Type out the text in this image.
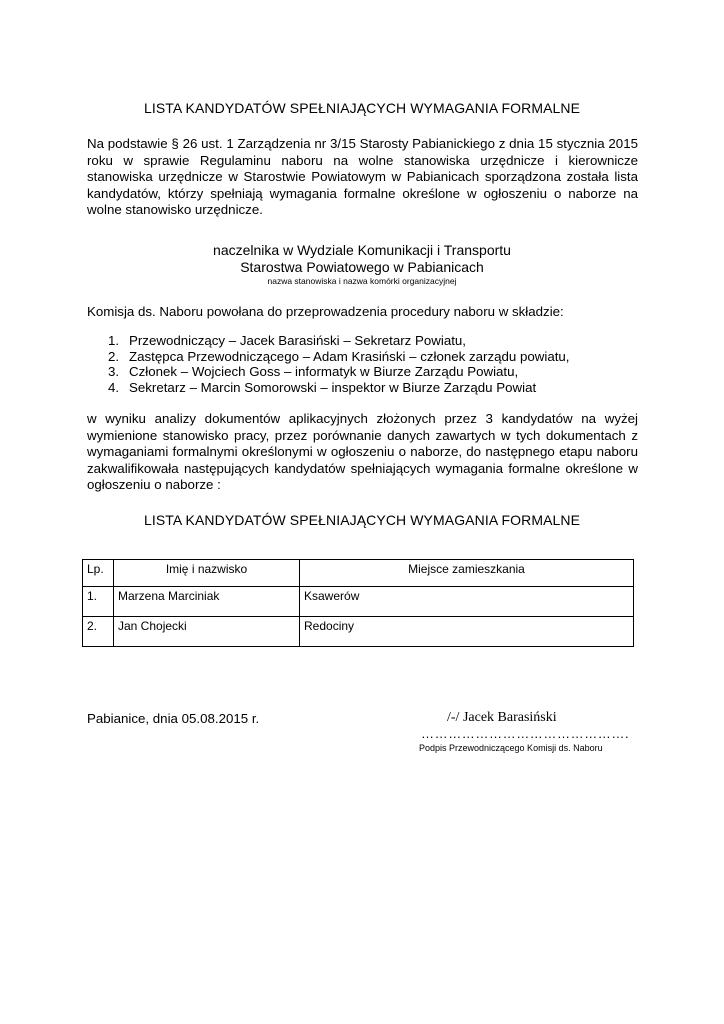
LISTA KANDYDATÓW SPEŁNIAJĄCYCH WYMAGANIA FORMALNE
Na podstawie § 26 ust. 1 Zarządzenia nr 3/15 Starosty Pabianickiego z dnia 15 stycznia 2015 roku w sprawie Regulaminu naboru na wolne stanowiska urzędnicze i kierownicze stanowiska urzędnicze w Starostwie Powiatowym w Pabianicach sporządzona została lista kandydatów, którzy spełniają wymagania formalne określone w ogłoszeniu o naborze na wolne stanowisko urzędnicze.
naczelnika w Wydziale Komunikacji i Transportu
Starostwa Powiatowego w Pabianicach
nazwa stanowiska i nazwa komórki organizacyjnej
Komisja ds. Naboru powołana do przeprowadzenia procedury naboru w składzie:
1. Przewodniczący – Jacek Barasiński – Sekretarz Powiatu,
2. Zastępca Przewodniczącego – Adam Krasiński – członek zarządu powiatu,
3. Członek – Wojciech Goss – informatyk w Biurze Zarządu Powiatu,
4. Sekretarz – Marcin Somorowski – inspektor w Biurze Zarządu Powiat
w wyniku analizy dokumentów aplikacyjnych złożonych przez 3 kandydatów na wyżej wymienione stanowisko pracy, przez porównanie danych zawartych w tych dokumentach z wymaganiami formalnymi określonymi w ogłoszeniu o naborze, do następnego etapu naboru zakwalifikowała następujących kandydatów spełniających wymagania formalne określone w ogłoszeniu o naborze :
LISTA KANDYDATÓW SPEŁNIAJĄCYCH WYMAGANIA FORMALNE
Lp.	Imię i nazwisko	Miejsce zamieszkania
1.	Marzena Marciniak	Ksawerów
2.	Jan Chojecki	Redociny
Pabianice, dnia 05.08.2015 r.	/-/ Jacek Barasiński
……………………………………….
Podpis Przewodniczącego Komisji ds. Naboru
